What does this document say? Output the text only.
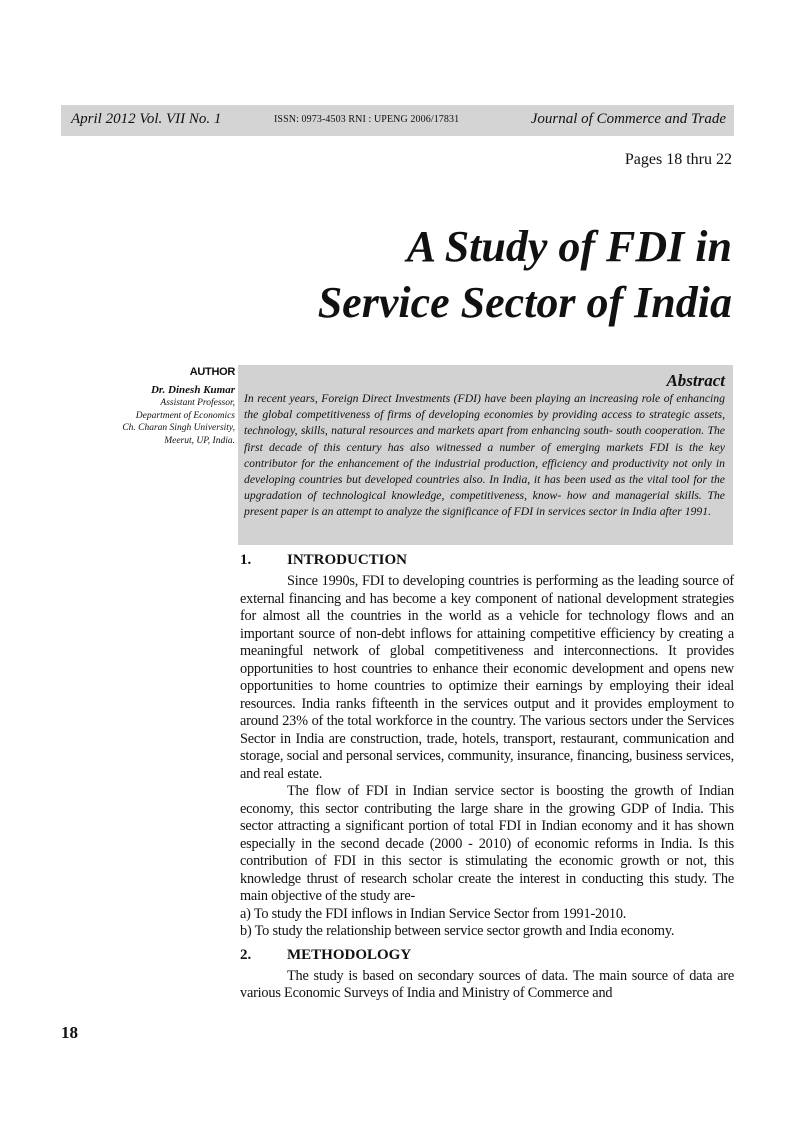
April 2012 Vol. VII No. 1	ISSN: 0973-4503 RNI : UPENG 2006/17831	Journal of Commerce and Trade
Pages 18 thru 22
A Study of FDI in
Service Sector of India
AUTHOR
Dr. Dinesh Kumar
Assistant Professor,
Department of Economics
Ch. Charan Singh University,
Meerut, UP, India.
Abstract
In recent years, Foreign Direct Investments (FDI) have been playing an increasing role of enhancing the global competitiveness of firms of developing economies by providing access to strategic assets, technology, skills, natural resources and markets apart from enhancing south- south cooperation. The first decade of this century has also witnessed a number of emerging markets FDI is the key contributor for the enhancement of the industrial production, efficiency and productivity not only in developing countries but developed countries also. In India, it has been used as the vital tool for the upgradation of technological knowledge, competitiveness, know- how and managerial skills. The present paper is an attempt to analyze the significance of FDI in services sector in India after 1991.
1. INTRODUCTION

Since 1990s, FDI to developing countries is performing as the leading source of external financing and has become a key component of national development strategies for almost all the countries in the world as a vehicle for technology flows and an important source of non-debt inflows for attaining competitive efficiency by creating a meaningful network of global competitiveness and interconnections. It provides opportunities to host countries to enhance their economic development and opens new opportunities to home countries to optimize their earnings by employing their ideal resources. India ranks fifteenth in the services output and it provides employment to around 23% of the total workforce in the country. The various sectors under the Services Sector in India are construction, trade, hotels, transport, restaurant, communication and storage, social and personal services, community, insurance, financing, business services, and real estate.

The flow of FDI in Indian service sector is boosting the growth of Indian economy, this sector contributing the large share in the growing GDP of India. This sector attracting a significant portion of total FDI in Indian economy and it has shown especially in the second decade (2000 - 2010) of economic reforms in India. Is this contribution of FDI in this sector is stimulating the economic growth or not, this knowledge thrust of research scholar create the interest in conducting this study. The main objective of the study are-

a) To study the FDI inflows in Indian Service Sector from 1991-2010.

b) To study the relationship between service sector growth and India economy.

2. METHODOLOGY

The study is based on secondary sources of data. The main source of data are various Economic Surveys of India and Ministry of Commerce and

18
